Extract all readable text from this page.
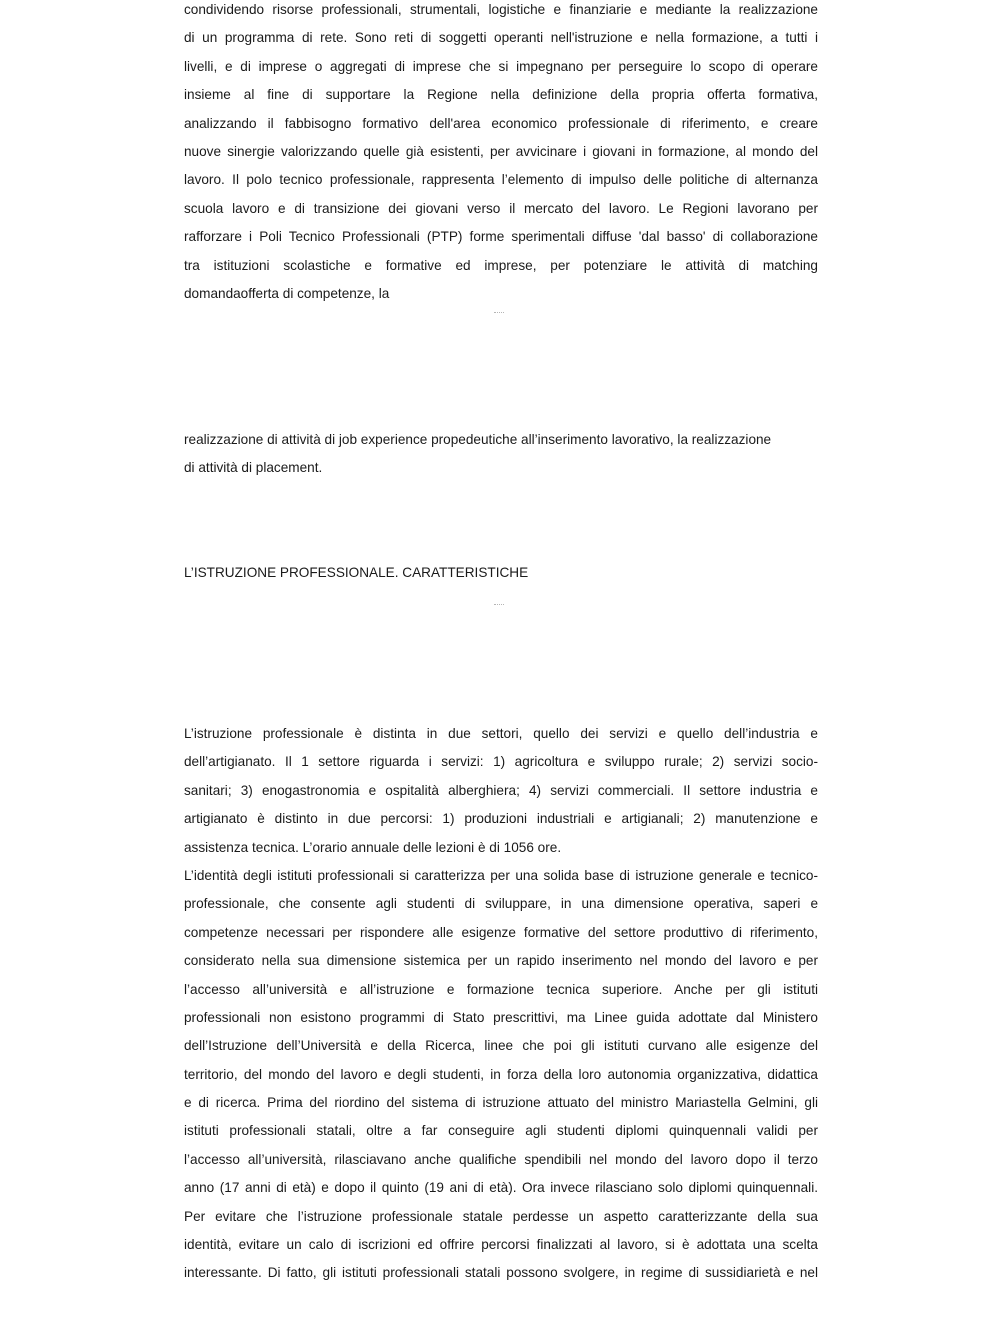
condividendo risorse professionali, strumentali, logistiche e finanziarie e mediante la realizzazione
di un programma di rete. Sono reti di soggetti operanti nell'istruzione e nella formazione, a tutti i
livelli, e di imprese o aggregati di imprese che si impegnano per perseguire lo scopo di operare
insieme al fine di supportare la Regione nella definizione della propria offerta formativa,
analizzando il fabbisogno formativo dell'area economico professionale di riferimento, e creare
nuove sinergie valorizzando quelle già esistenti, per avvicinare i giovani in formazione, al mondo del
lavoro. Il polo tecnico professionale, rappresenta l’elemento di impulso delle politiche di alternanza
scuola lavoro e di transizione dei giovani verso il mercato del lavoro. Le Regioni lavorano per
rafforzare i Poli Tecnico Professionali (PTP) forme sperimentali diffuse 'dal basso' di collaborazione
tra istituzioni scolastiche e formative ed imprese, per potenziare le attività di matching
domandaofferta di competenze, la
realizzazione di attività di job experience propedeutiche all’inserimento lavorativo, la realizzazione
di attività di placement.
L’ISTRUZIONE PROFESSIONALE. CARATTERISTICHE
L’istruzione professionale è distinta in due settori, quello dei servizi e quello dell’industria e
dell’artigianato. Il 1 settore riguarda i servizi: 1) agricoltura e sviluppo rurale; 2) servizi socio-
sanitari; 3) enogastronomia e ospitalità alberghiera; 4) servizi commerciali. Il settore industria e
artigianato è distinto in due percorsi: 1) produzioni industriali e artigianali; 2) manutenzione e
assistenza tecnica. L’orario annuale delle lezioni è di 1056 ore.
L’identità degli istituti professionali si caratterizza per una solida base di istruzione generale e tecnico-
professionale, che consente agli studenti di sviluppare, in una dimensione operativa, saperi e
competenze necessari per rispondere alle esigenze formative del settore produttivo di riferimento,
considerato nella sua dimensione sistemica per un rapido inserimento nel mondo del lavoro e per
l’accesso all’università e all’istruzione e formazione tecnica superiore. Anche per gli istituti
professionali non esistono programmi di Stato prescrittivi, ma Linee guida adottate dal Ministero
dell’Istruzione dell’Università e della Ricerca, linee che poi gli istituti curvano alle esigenze del
territorio, del mondo del lavoro e degli studenti, in forza della loro autonomia organizzativa, didattica
e di ricerca. Prima del riordino del sistema di istruzione attuato del ministro Mariastella Gelmini, gli
istituti professionali statali, oltre a far conseguire agli studenti diplomi quinquennali validi per
l’accesso all’università, rilasciavano anche qualifiche spendibili nel mondo del lavoro dopo il terzo
anno (17 anni di età) e dopo il quinto (19 ani di età). Ora invece rilasciano solo diplomi quinquennali.
Per evitare che l’istruzione professionale statale perdesse un aspetto caratterizzante della sua
identità, evitare un calo di iscrizioni ed offrire percorsi finalizzati al lavoro, si è adottata una scelta
interessante. Di fatto, gli istituti professionali statali possono svolgere, in regime di sussidiarietà e nel
